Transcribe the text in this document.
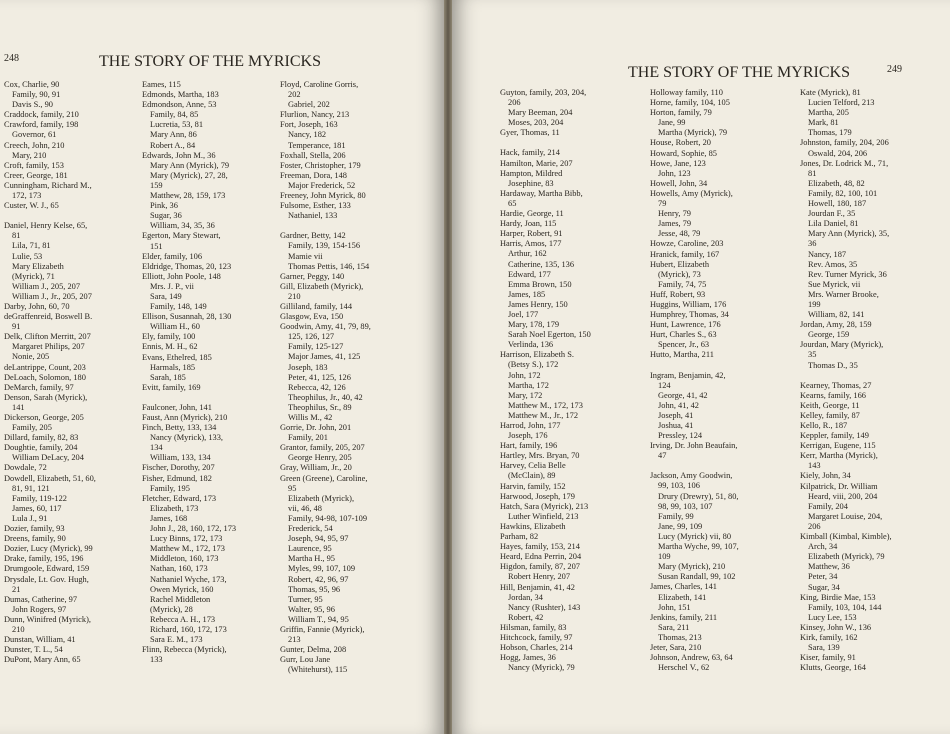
248	THE STORY OF THE MYRICKS
Cox, Charlie, 90
Family, 90, 91
Davis S., 90
Craddock, family, 210
Crawford, family, 198
Governor, 61
Creech, John, 210
Mary, 210
Croft, family, 153
Creer, George, 181
Cunningham, Richard M.,
172, 173
Custer, W. J., 65
Daniel, Henry Kelse, 65,
81
Lila, 71, 81
Lulie, 53
Mary Elizabeth
(Myrick), 71
William J., 205, 207
William J., Jr., 205, 207
Darby, John, 60, 70
deGraffenreid, Boswell B.
91
Delk, Clifton Merritt, 207
Margaret Philips, 207
Nonie, 205
deLantrippe, Count, 203
DeLoach, Solomon, 180
DeMarch, family, 97
Denson, Sarah (Myrick),
141
Dickerson, George, 205
Family, 205
Dillard, family, 82, 83
Doughtie, family, 204
William DeLacy, 204
Dowdale, 72
Dowdell, Elizabeth, 51, 60,
81, 91, 121
Family, 119-122
James, 60, 117
Lula J., 91
Dozier, family, 93
Dreens, family, 90
Dozier, Lucy (Myrick), 99
Drake, family, 195, 196
Drumgoole, Edward, 159
Drysdale, Lt. Gov. Hugh,
21
Dumas, Catherine, 97
John Rogers, 97
Dunn, Winifred (Myrick),
210
Dunstan, William, 41
Dunster, T. L., 54
DuPont, Mary Ann, 65
Eames, 115
Edmonds, Martha, 183
Edmondson, Anne, 53
Family, 84, 85
Lucretia, 53, 81
Mary Ann, 86
Robert A., 84
Edwards, John M., 36
Mary Ann (Myrick), 79
Mary (Myrick), 27, 28,
159
Matthew, 28, 159, 173
Pink, 36
Sugar, 36
William, 34, 35, 36
Egerton, Mary Stewart,
151
Elder, family, 106
Eldridge, Thomas, 20, 123
Elliott, John Poole, 148
Mrs. J. P., vii
Sara, 149
Family, 148, 149
Ellison, Susannah, 28, 130
William H., 60
Ely, family, 100
Ennis, M. H., 62
Evans, Ethelred, 185
Harmals, 185
Sarah, 185
Evitt, family, 169
Faulconer, John, 141
Faust, Ann (Myrick), 210
Finch, Betty, 133, 134
Nancy (Myrick), 133,
134
William, 133, 134
Fischer, Dorothy, 207
Fisher, Edmund, 182
Family, 195
Fletcher, Edward, 173
Elizabeth, 173
James, 168
John J., 28, 160, 172, 173
Lucy Binns, 172, 173
Matthew M., 172, 173
Middleton, 160, 173
Nathan, 160, 173
Nathaniel Wyche, 173,
Owen Myrick, 160
Rachel Middleton
(Myrick), 28
Rebecca A. H., 173
Richard, 160, 172, 173
Sara E. M., 173
Flinn, Rebecca (Myrick),
133
Floyd, Caroline Gorris,
202
Gabriel, 202
Flurlion, Nancy, 213
Fort, Joseph, 163
Nancy, 182
Temperance, 181
Foxhall, Stella, 206
Foster, Christopher, 179
Freeman, Dora, 148
Major Frederick, 52
Freeney, John Myrick, 80
Fulsome, Esther, 133
Nathaniel, 133
Gardner, Betty, 142
Family, 139, 154-156
Mamie vii
Thomas Pettis, 146, 154
Garner, Peggy, 140
Gill, Elizabeth (Myrick),
210
Gilliland, family, 144
Glasgow, Eva, 150
Goodwin, Amy, 41, 79, 89,
125, 126, 127
Family, 125-127
Major James, 41, 125
Joseph, 183
Peter, 41, 125, 126
Rebecca, 42, 126
Theophilus, Jr., 40, 42
Theophilus, Sr., 89
Willis M., 42
Gorrie, Dr. John, 201
Family, 201
Grantor, family, 205, 207
George Henry, 205
Gray, William, Jr., 20
Green (Greene), Caroline,
95
Elizabeth (Myrick),
vii, 46, 48
Family, 94-98, 107-109
Frederick, 54
Joseph, 94, 95, 97
Laurence, 95
Martha H., 95
Myles, 99, 107, 109
Robert, 42, 96, 97
Thomas, 95, 96
Turner, 95
Walter, 95, 96
William T., 94, 95
Griffin, Fannie (Myrick),
213
Gunter, Delma, 208
Gurr, Lou Jane
(Whitehurst), 115
THE STORY OF THE MYRICKS	249
Guyton, family, 203, 204,
206
Mary Beeman, 204
Moses, 203, 204
Gyer, Thomas, 11
Hack, family, 214
Hamilton, Marie, 207
Hampton, Mildred
Josephine, 83
Hardaway, Martha Bibb,
65
Hardie, George, 11
Hardy, Joan, 115
Harper, Robert, 91
Harris, Amos, 177
Arthur, 162
Catherine, 135, 136
Edward, 177
Emma Brown, 150
James, 185
James Henry, 150
Joel, 177
Mary, 178, 179
Sarah Noel Egerton, 150
Verlinda, 136
Harrison, Elizabeth S.
(Betsy S.), 172
John, 172
Martha, 172
Mary, 172
Matthew M., 172, 173
Matthew M., Jr., 172
Harrod, John, 177
Joseph, 176
Hart, family, 196
Hartley, Mrs. Bryan, 70
Harvey, Celia Belle
(McClain), 89
Harvin, family, 152
Harwood, Joseph, 179
Hatch, Sara (Myrick), 213
Luther Winfield, 213
Hawkins, Elizabeth
Parham, 82
Hayes, family, 153, 214
Heard, Edna Perrin, 204
Higdon, family, 87, 207
Robert Henry, 207
Hill, Benjamin, 41, 42
Jordan, 34
Nancy (Rushter), 143
Robert, 42
Hilsman, family, 83
Hitchcock, family, 97
Hobson, Charles, 214
Hogg, James, 36
Nancy (Myrick), 79
Holloway family, 110
Horne, family, 104, 105
Horton, family, 79
Jane, 99
Martha (Myrick), 79
House, Robert, 20
Howard, Sophie, 85
Howe, Jane, 123
John, 123
Howell, John, 34
Howells, Amy (Myrick),
79
Henry, 79
James, 79
Jesse, 48, 79
Howze, Caroline, 203
Hranick, family, 167
Hubert, Elizabeth
(Myrick), 73
Family, 74, 75
Huff, Robert, 93
Huggins, William, 176
Humphrey, Thomas, 34
Hunt, Lawrence, 176
Hurt, Charles S., 63
Spencer, Jr., 63
Hutto, Martha, 211
Ingram, Benjamin, 42,
124
George, 41, 42
John, 41, 42
Joseph, 41
Joshua, 41
Pressley, 124
Irving, Dr. John Beaufain,
47
Jackson, Amy Goodwin,
99, 103, 106
Drury (Drewry), 51, 80,
98, 99, 103, 107
Family, 99
Jane, 99, 109
Lucy (Myrick) vii, 80
Martha Wyche, 99, 107,
109
Mary (Myrick), 210
Susan Randall, 99, 102
James, Charles, 141
Elizabeth, 141
John, 151
Jenkins, family, 211
Sara, 211
Thomas, 213
Jeter, Sara, 210
Johnson, Andrew, 63, 64
Herschel V., 62
Kate (Myrick), 81
Lucien Telford, 213
Martha, 205
Mark, 81
Thomas, 179
Johnston, family, 204, 206
Oswald, 204, 206
Jones, Dr. Lodrick M., 71,
81
Elizabeth, 48, 82
Family, 82, 100, 101
Howell, 180, 187
Jourdan F., 35
Lila Daniel, 81
Mary Ann (Myrick), 35,
36
Nancy, 187
Rev. Amos, 35
Rev. Turner Myrick, 36
Sue Myrick, vii
Mrs. Warner Brooke,
199
William, 82, 141
Jordan, Amy, 28, 159
George, 159
Jourdan, Mary (Myrick),
35
Thomas D., 35
Kearney, Thomas, 27
Kearns, family, 166
Keith, George, 11
Kelley, family, 87
Kello, R., 187
Keppler, family, 149
Kerrigan, Eugene, 115
Kerr, Martha (Myrick),
143
Kiely, John, 34
Kilpatrick, Dr. William
Heard, viii, 200, 204
Family, 204
Margaret Louise, 204,
206
Kimball (Kimbal, Kimble),
Arch, 34
Elizabeth (Myrick), 79
Matthew, 36
Peter, 34
Sugar, 34
King, Birdie Mae, 153
Family, 103, 104, 144
Lucy Lee, 153
Kinsey, John W., 136
Kirk, family, 162
Sara, 139
Kiser, family, 91
Klutts, George, 164
